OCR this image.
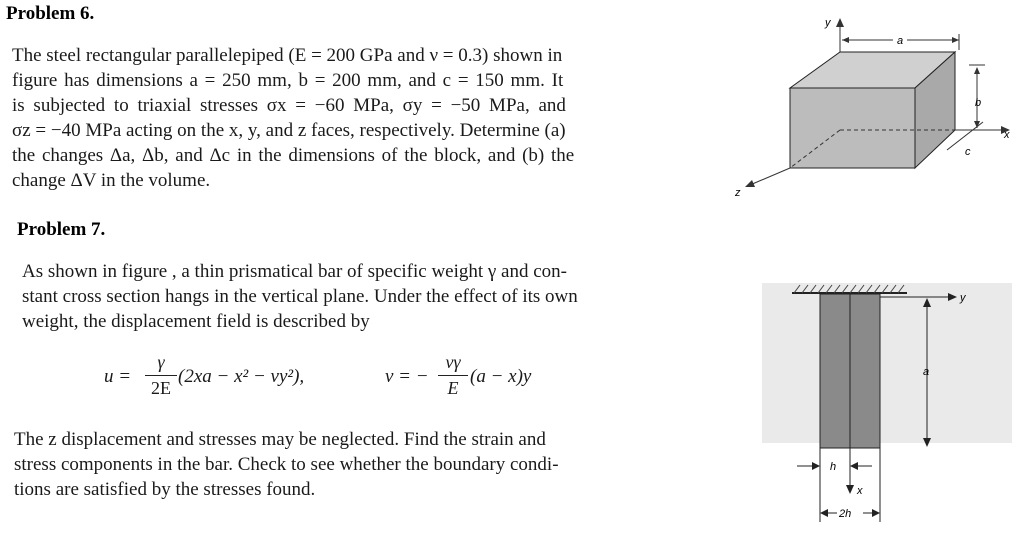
Problem 6.
The steel rectangular parallelepiped (E = 200 GPa and ν = 0.3) shown in
figure has dimensions a = 250 mm, b = 200 mm, and c = 150 mm. It
is subjected to triaxial stresses σx = −60 MPa, σy = −50 MPa, and
σz = −40 MPa acting on the x, y, and z faces, respectively. Determine (a)
the changes Δa, Δb, and Δc in the dimensions of the block, and (b) the
change ΔV in the volume.
y
x
z
a
b
c
Problem 7.
As shown in figure , a thin prismatical bar of specific weight γ and con-
stant cross section hangs in the vertical plane. Under the effect of its own
weight, the displacement field is described by
u =
γ
2E
(2xa − x² − νy²),	v = −
νγ
E
(a − x)y
The z displacement and stresses may be neglected. Find the strain and
stress components in the bar. Check to see whether the boundary condi-
tions are satisfied by the stresses found.
y
a
h
x
2h
